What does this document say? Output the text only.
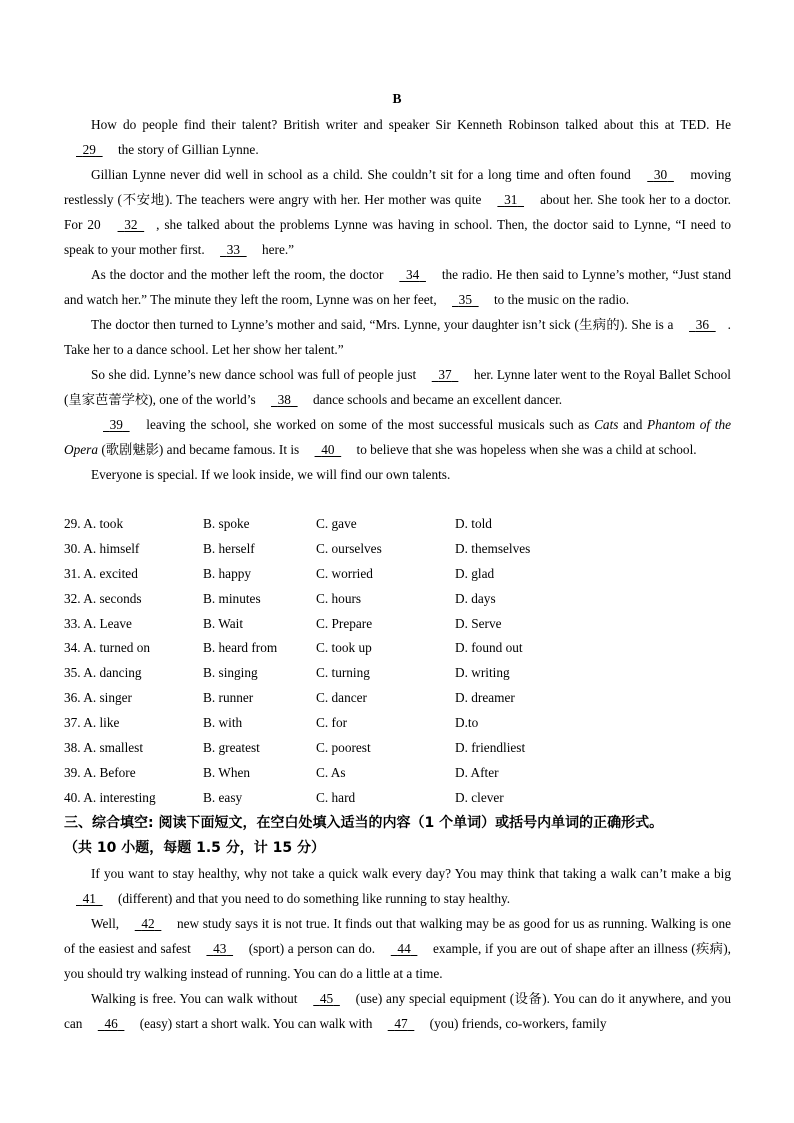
B

How do people find their talent? British writer and speaker Sir Kenneth Robinson talked about this at TED. He 29 the story of Gillian Lynne.

Gillian Lynne never did well in school as a child. She couldn’t sit for a long time and often found 30 moving restlessly (不安地). The teachers were angry with her. Her mother was quite 31 about her. She took her to a doctor. For 20 32 , she talked about the problems Lynne was having in school. Then, the doctor said to Lynne, “I need to speak to your mother first. 33 here.”

As the doctor and the mother left the room, the doctor 34 the radio. He then said to Lynne’s mother, “Just stand and watch her.” The minute they left the room, Lynne was on her feet, 35 to the music on the radio.

The doctor then turned to Lynne’s mother and said, “Mrs. Lynne, your daughter isn’t sick (生病的). She is a 36 . Take her to a dance school. Let her show her talent.”

So she did. Lynne’s new dance school was full of people just 37 her. Lynne later went to the Royal Ballet School (皇家芭蕾学校), one of the world’s 38 dance schools and became an excellent dancer.

39 leaving the school, she worked on some of the most successful musicals such as Cats and Phantom of the Opera (歌剧魅影) and became famous. It is 40 to believe that she was hopeless when she was a child at school.

Everyone is special. If we look inside, we will find our own talents.

29. A. took	B. spoke	C. gave	D. told
30. A. himself	B. herself	C. ourselves	D. themselves
31. A. excited	B. happy	C. worried	D. glad
32. A. seconds	B. minutes	C. hours	D. days
33. A. Leave	B. Wait	C. Prepare	D. Serve
34. A. turned on	B. heard from	C. took up	D. found out
35. A. dancing	B. singing	C. turning	D. writing
36. A. singer	B. runner	C. dancer	D. dreamer
37. A. like	B. with	C. for	D.to
38. A. smallest	B. greatest	C. poorest	D. friendliest
39. A. Before	B. When	C. As	D. After
40. A. interesting	B. easy	C. hard	D. clever
三、综合填空: 阅读下面短文，在空白处填入适当的内容（1 个单词）或括号内单词的正确形式。
（共 10 小题，每题 1.5 分，计 15 分）

If you want to stay healthy, why not take a quick walk every day? You may think that taking a walk can’t make a big 41 (different) and that you need to do something like running to stay healthy.

Well, 42 new study says it is not true. It finds out that walking may be as good for us as running. Walking is one of the easiest and safest 43 (sport) a person can do. 44 example, if you are out of shape after an illness (疾病), you should try walking instead of running. You can do a little at a time.

Walking is free. You can walk without 45 (use) any special equipment (设备). You can do it anywhere, and you can 46 (easy) start a short walk. You can walk with 47 (you) friends, co-workers, family
